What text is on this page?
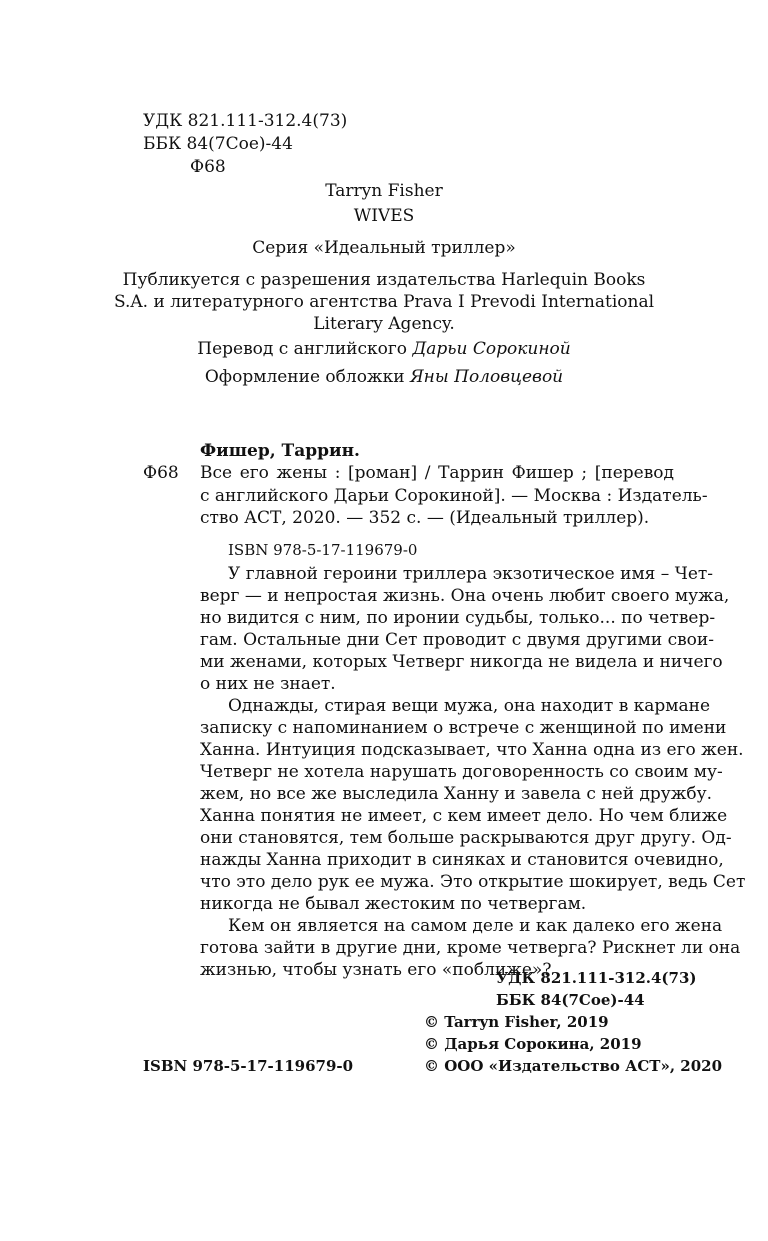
УДК 821.111-312.4(73)
ББК 84(7Сое)-44
Ф68
Tarryn Fisher
WIVES
Серия «Идеальный триллер»
Публикуется с разрешения издательства Harlequin Books
S.A. и литературного агентства Prava I Prevodi International
Literary Agency.
Перевод с английского Дарьи Сорокиной
Оформление обложки Яны Половцевой
Фишер, Таррин.
Ф68 Все его жены : [роман] / Таррин Фишер ; [перевод
с английского Дарьи Сорокиной]. — Москва : Издатель-
ство АСТ, 2020. — 352 с. — (Идеальный триллер).
ISBN 978-5-17-119679-0
У главной героини триллера экзотическое имя – Чет-
верг — и непростая жизнь. Она очень любит своего мужа,
но видится с ним, по иронии судьбы, только... по четвер-
гам. Остальные дни Сет проводит с двумя другими свои-
ми женами, которых Четверг никогда не видела и ничего
о них не знает.
Однажды, стирая вещи мужа, она находит в кармане
записку с напоминанием о встрече с женщиной по имени
Ханна. Интуиция подсказывает, что Ханна одна из его жен.
Четверг не хотела нарушать договоренность со своим му-
жем, но все же выследила Ханну и завела с ней дружбу.
Ханна понятия не имеет, с кем имеет дело. Но чем ближе
они становятся, тем больше раскрываются друг другу. Од-
нажды Ханна приходит в синяках и становится очевидно,
что это дело рук ее мужа. Это открытие шокирует, ведь Сет
никогда не бывал жестоким по четвергам.
Кем он является на самом деле и как далеко его жена
готова зайти в другие дни, кроме четверга? Рискнет ли она
жизнью, чтобы узнать его «поближе»?
УДК 821.111-312.4(73)
ББК 84(7Сое)-44
© Tarryn Fisher, 2019
© Дарья Сорокина, 2019
© ООО «Издательство АСТ», 2020
ISBN 978-5-17-119679-0
